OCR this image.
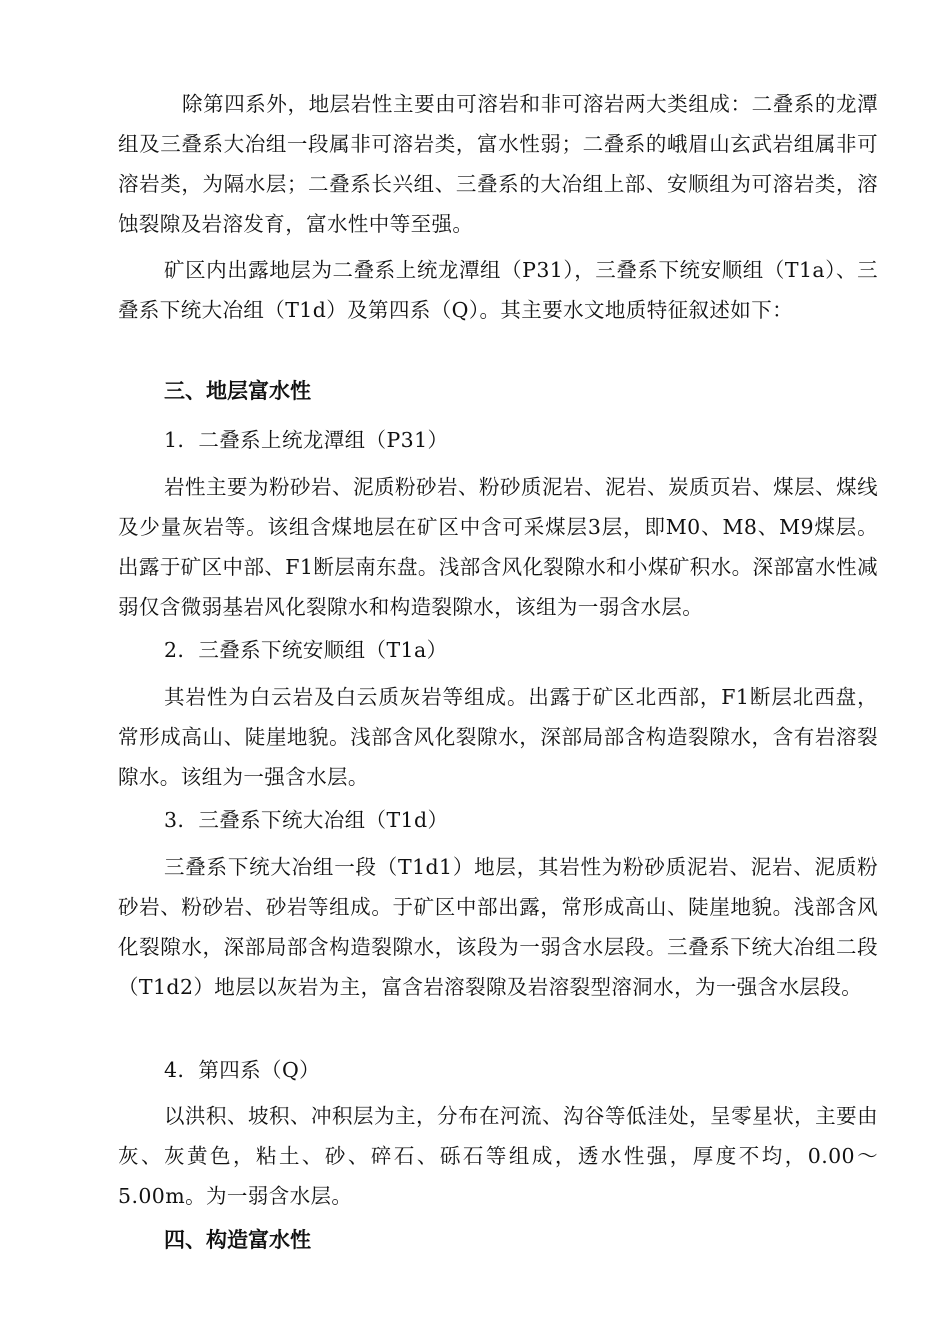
除第四系外，地层岩性主要由可溶岩和非可溶岩两大类组成：二叠系的龙潭组及三叠系大冶组一段属非可溶岩类，富水性弱；二叠系的峨眉山玄武岩组属非可溶岩类，为隔水层；二叠系长兴组、三叠系的大冶组上部、安顺组为可溶岩类，溶蚀裂隙及岩溶发育，富水性中等至强。

矿区内出露地层为二叠系上统龙潭组（P31），三叠系下统安顺组（T1a）、三叠系下统大冶组（T1d）及第四系（Q）。其主要水文地质特征叙述如下：

三、地层富水性

1．二叠系上统龙潭组（P31）

岩性主要为粉砂岩、泥质粉砂岩、粉砂质泥岩、泥岩、炭质页岩、煤层、煤线及少量灰岩等。该组含煤地层在矿区中含可采煤层3层，即M0、M8、M9煤层。出露于矿区中部、F1断层南东盘。浅部含风化裂隙水和小煤矿积水。深部富水性减弱仅含微弱基岩风化裂隙水和构造裂隙水，该组为一弱含水层。

2．三叠系下统安顺组（T1a）

其岩性为白云岩及白云质灰岩等组成。出露于矿区北西部，F1断层北西盘，常形成高山、陡崖地貌。浅部含风化裂隙水，深部局部含构造裂隙水，含有岩溶裂隙水。该组为一强含水层。

3．三叠系下统大冶组（T1d）

三叠系下统大冶组一段（T1d1）地层，其岩性为粉砂质泥岩、泥岩、泥质粉砂岩、粉砂岩、砂岩等组成。于矿区中部出露，常形成高山、陡崖地貌。浅部含风化裂隙水，深部局部含构造裂隙水，该段为一弱含水层段。三叠系下统大冶组二段（T1d2）地层以灰岩为主，富含岩溶裂隙及岩溶裂型溶洞水，为一强含水层段。

4．第四系（Q）

以洪积、坡积、冲积层为主，分布在河流、沟谷等低洼处，呈零星状，主要由灰、灰黄色，粘土、砂、碎石、砾石等组成，透水性强，厚度不均，0.00～5.00m。为一弱含水层。

四、构造富水性
